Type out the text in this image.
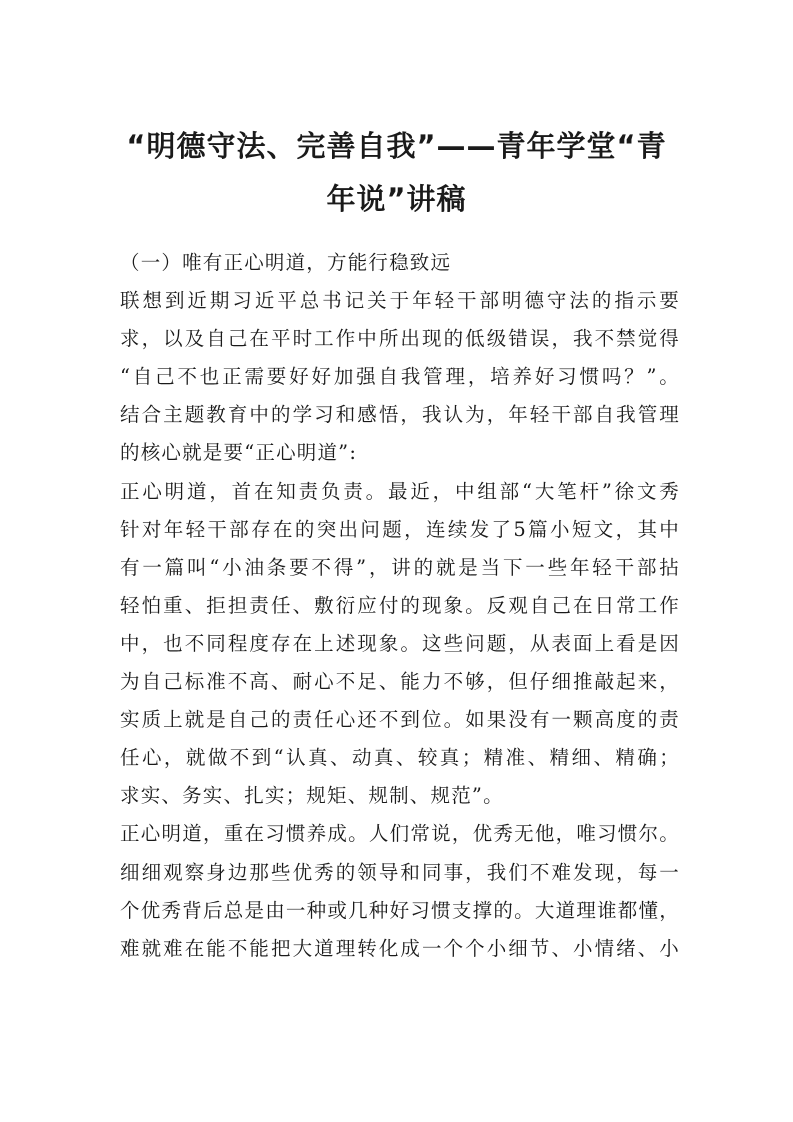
“明德守法、完善自我”——青年学堂“青
年说”讲稿
（一）唯有正心明道，方能行稳致远
联想到近期习近平总书记关于年轻干部明德守法的指示要
求，以及自己在平时工作中所出现的低级错误，我不禁觉得
“自己不也正需要好好加强自我管理，培养好习惯吗？”。
结合主题教育中的学习和感悟，我认为，年轻干部自我管理
的核心就是要“正心明道”:
正心明道，首在知责负责。最近，中组部“大笔杆”徐文秀
针对年轻干部存在的突出问题，连续发了5篇小短文，其中
有一篇叫“小油条要不得”，讲的就是当下一些年轻干部拈
轻怕重、拒担责任、敷衍应付的现象。反观自己在日常工作
中，也不同程度存在上述现象。这些问题，从表面上看是因
为自己标准不高、耐心不足、能力不够，但仔细推敲起来，
实质上就是自己的责任心还不到位。如果没有一颗高度的责
任心，就做不到“认真、动真、较真；精准、精细、精确；
求实、务实、扎实；规矩、规制、规范”。
正心明道，重在习惯养成。人们常说，优秀无他，唯习惯尔。
细细观察身边那些优秀的领导和同事，我们不难发现，每一
个优秀背后总是由一种或几种好习惯支撑的。大道理谁都懂，
难就难在能不能把大道理转化成一个个小细节、小情绪、小
